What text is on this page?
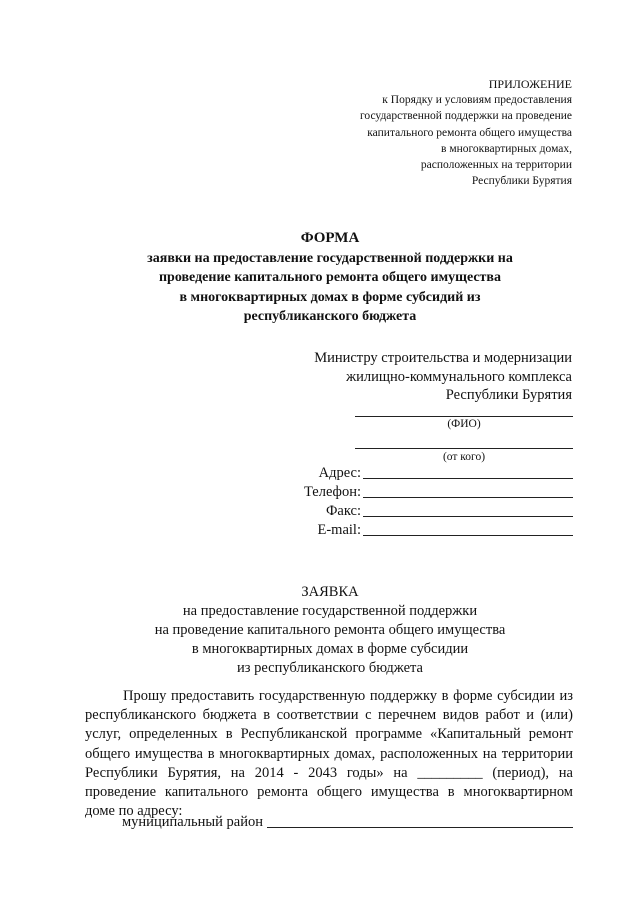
ПРИЛОЖЕНИЕ
к Порядку и условиям предоставления
государственной поддержки на проведение
капитального ремонта общего имущества
в многоквартирных домах,
расположенных на территории
Республики Бурятия
ФОРМА
заявки на предоставление государственной поддержки на
проведение капитального ремонта общего имущества
в многоквартирных домах в форме субсидий из
республиканского бюджета
Министру строительства и модернизации
жилищно-коммунального комплекса
Республики Бурятия
(ФИО)
(от кого)
Адрес:
Телефон:
Факс:
E-mail:
ЗАЯВКА
на предоставление государственной поддержки
на проведение капитального ремонта общего имущества
в многоквартирных домах в форме субсидии
из республиканского бюджета

Прошу предоставить государственную поддержку в форме субсидии из республиканского бюджета в соответствии с перечнем видов работ и (или) услуг, определенных в Республиканской программе «Капитальный ремонт общего имущества в многоквартирных домах, расположенных на территории Республики Бурятия, на 2014 - 2043 годы» на _________ (период), на проведение капитального ремонта общего имущества в многоквартирном доме по адресу:

муниципальный район
